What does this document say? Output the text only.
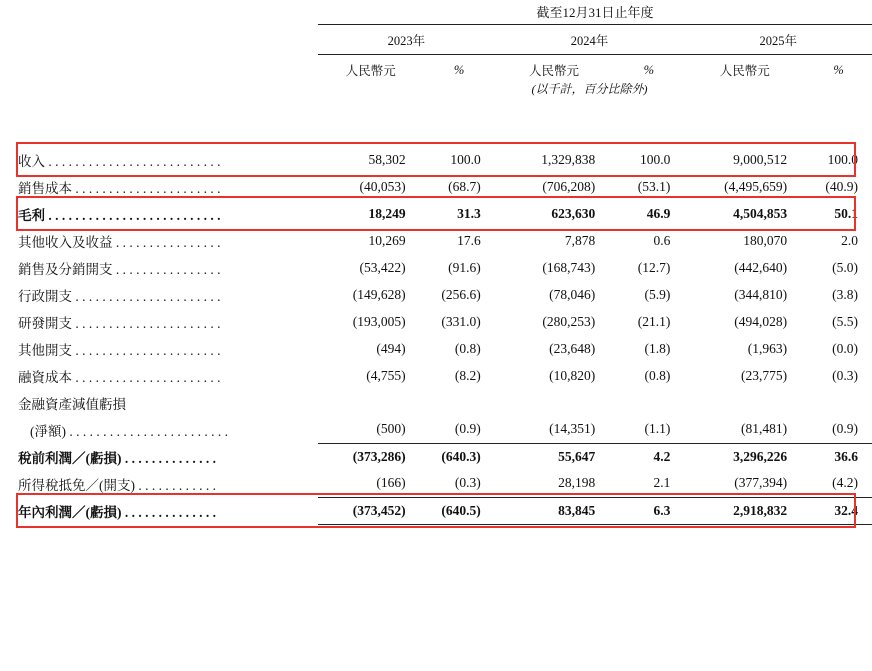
	截至12月31日止年度					
	2023年		2024年		2025年	
	人民幣元	%	人民幣元	%	人民幣元	%
			(以千計，百分比除外)			

收入 . . . . . . . . . . . . . . . . . . . . . . . . . .	58,302	100.0	1,329,838	100.0	9,000,512	100.0
銷售成本 . . . . . . . . . . . . . . . . . . . . . .	(40,053)	(68.7)	(706,208)	(53.1)	(4,495,659)	(40.9)
毛利 . . . . . . . . . . . . . . . . . . . . . . . . . .	18,249	31.3	623,630	46.9	4,504,853	50.1
其他收入及收益 . . . . . . . . . . . . . . . .	10,269	17.6	7,878	0.6	180,070	2.0
銷售及分銷開支 . . . . . . . . . . . . . . . .	(53,422)	(91.6)	(168,743)	(12.7)	(442,640)	(5.0)
行政開支 . . . . . . . . . . . . . . . . . . . . . .	(149,628)	(256.6)	(78,046)	(5.9)	(344,810)	(3.8)
研發開支 . . . . . . . . . . . . . . . . . . . . . .	(193,005)	(331.0)	(280,253)	(21.1)	(494,028)	(5.5)
其他開支 . . . . . . . . . . . . . . . . . . . . . .	(494)	(0.8)	(23,648)	(1.8)	(1,963)	(0.0)
融資成本 . . . . . . . . . . . . . . . . . . . . . .	(4,755)	(8.2)	(10,820)	(0.8)	(23,775)	(0.3)
金融資產減值虧損						
(淨額) . . . . . . . . . . . . . . . . . . . . . . . .	(500)	(0.9)	(14,351)	(1.1)	(81,481)	(0.9)
稅前利潤／(虧損) . . . . . . . . . . . . . .	(373,286)	(640.3)	55,647	4.2	3,296,226	36.6
所得稅抵免／(開支) . . . . . . . . . . . .	(166)	(0.3)	28,198	2.1	(377,394)	(4.2)
年內利潤／(虧損) . . . . . . . . . . . . . .	(373,452)	(640.5)	83,845	6.3	2,918,832	32.4
